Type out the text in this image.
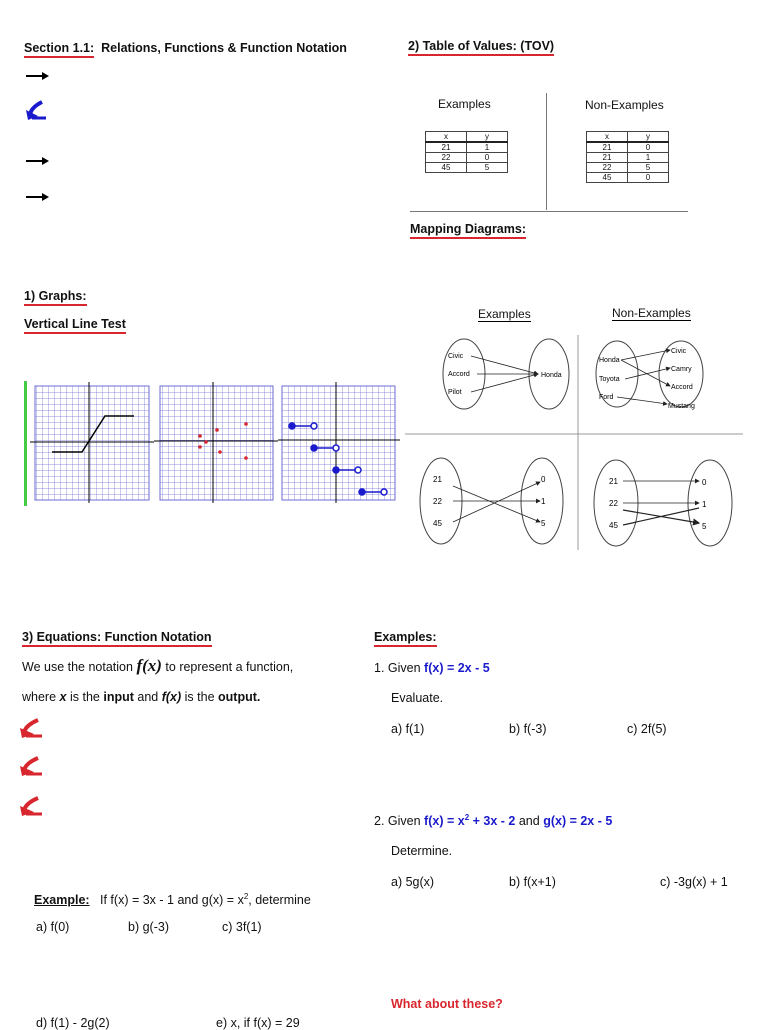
Section 1.1: Relations, Functions & Function Notation	2) Table of Values: (TOV)
Examples	Non-Examples
x	y
21	1
22	0
45	5
x	y
21	0
21	1
22	5
45	0
Mapping Diagrams:
Examples	Non-Examples
Civic
Accord
Pilot
Honda
Honda
Toyota
Ford
Civic
Camry
Accord
Mustang
21
22
45
0
1
5
21
22
45
0
1
5
1) Graphs:
Vertical Line Test
3) Equations: Function Notation
We use the notation f(x) to represent a function,
where x is the input and f(x) is the output.
Example: If f(x) = 3x - 1 and $g(x) = x^2$, determine
a) f(0)	b) g(-3)	c) 3f(1)
d) f(1) - 2g(2)	e) x, if f(x) = 29
Examples:
1. Given f(x) = 2x - 5
Evaluate.
a) f(1)	b) f(-3)	c) 2f(5)
2. Given $f(x) = x^2 + 3x - 2$ and g(x) = 2x - 5
Determine.
a) 5g(x)	b) f(x+1)	c) -3g(x) + 1
What about these?
